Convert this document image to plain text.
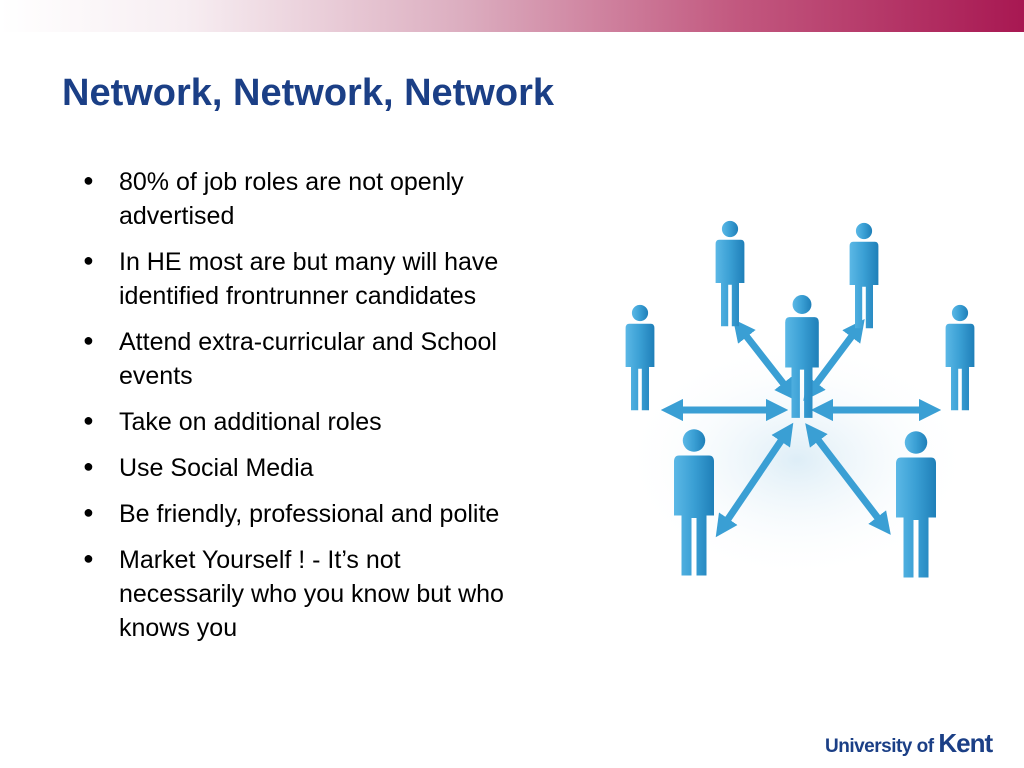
Network, Network, Network
● 80% of job roles are not openly
advertised
● In HE most are but many will have
identified frontrunner candidates
● Attend extra-curricular and School
events
● Take on additional roles
● Use Social Media
● Be friendly, professional and polite
● Market Yourself ! - It’s not
necessarily who you know but who
knows you
University of Kent
